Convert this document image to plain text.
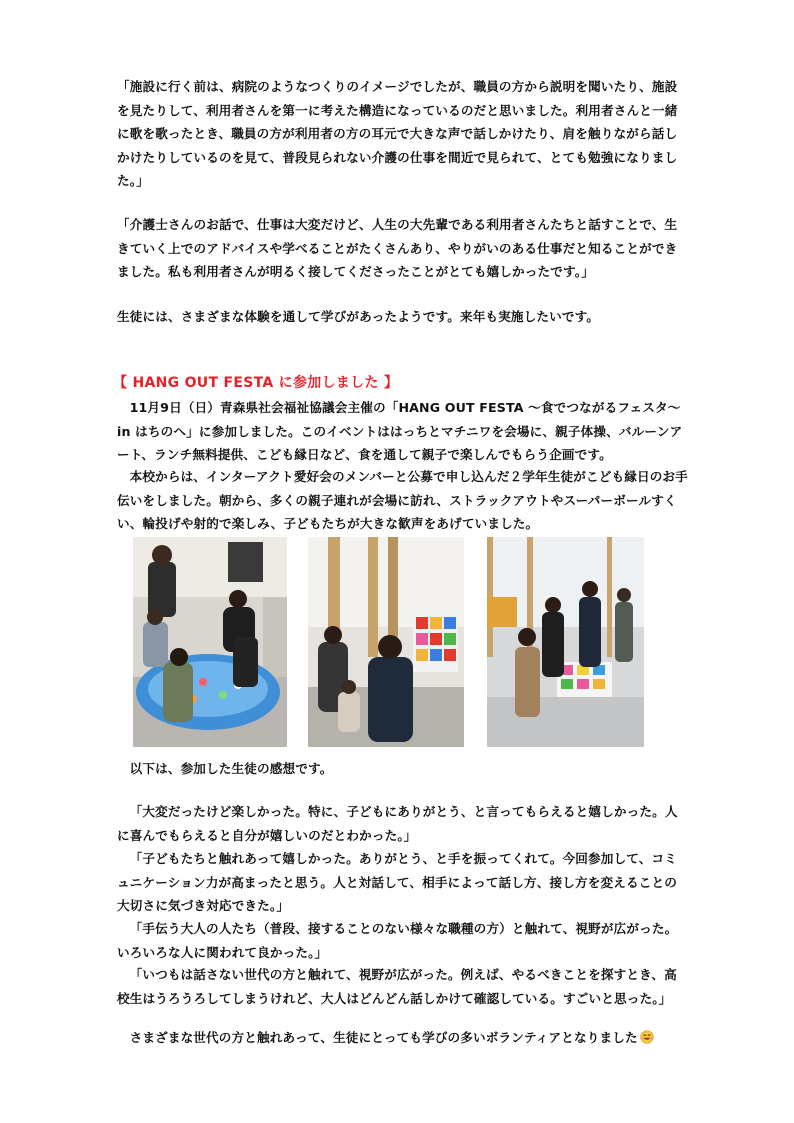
「施設に行く前は、病院のようなつくりのイメージでしたが、職員の方から説明を聞いたり、施設を見たりして、利用者さんを第一に考えた構造になっているのだと思いました。利用者さんと一緒に歌を歌ったとき、職員の方が利用者の方の耳元で大きな声で話しかけたり、肩を触りながら話しかけたりしているのを見て、普段見られない介護の仕事を間近で見られて、とても勉強になりました。」

「介護士さんのお話で、仕事は大変だけど、人生の大先輩である利用者さんたちと話すことで、生きていく上でのアドバイスや学べることがたくさんあり、やりがいのある仕事だと知ることができました。私も利用者さんが明るく接してくださったことがとても嬉しかったです。」

生徒には、さまざまな体験を通して学びがあったようです。来年も実施したいです。

【 HANG OUT FESTA に参加しました 】

11月9日（日）青森県社会福祉協議会主催の「HANG OUT FESTA ～食でつながるフェスタ～in はちのへ」に参加しました。このイベントははっちとマチニワを会場に、親子体操、バルーンアート、ランチ無料提供、こども縁日など、食を通して親子で楽しんでもらう企画です。

本校からは、インターアクト愛好会のメンバーと公募で申し込んだ２学年生徒がこども縁日のお手伝いをしました。朝から、多くの親子連れが会場に訪れ、ストラックアウトやスーパーボールすくい、輪投げや射的で楽しみ、子どもたちが大きな歓声をあげていました。

以下は、参加した生徒の感想です。

「大変だったけど楽しかった。特に、子どもにありがとう、と言ってもらえると嬉しかった。人に喜んでもらえると自分が嬉しいのだとわかった。」

「子どもたちと触れあって嬉しかった。ありがとう、と手を振ってくれて。今回参加して、コミュニケーション力が高まったと思う。人と対話して、相手によって話し方、接し方を変えることの大切さに気づき対応できた。」

「手伝う大人の人たち（普段、接することのない様々な職種の方）と触れて、視野が広がった。いろいろな人に関われて良かった。」

「いつもは話さない世代の方と触れて、視野が広がった。例えば、やるべきことを探すとき、高校生はうろうろしてしまうけれど、大人はどんどん話しかけて確認している。すごいと思った。」

さまざまな世代の方と触れあって、生徒にとっても学びの多いボランティアとなりました
